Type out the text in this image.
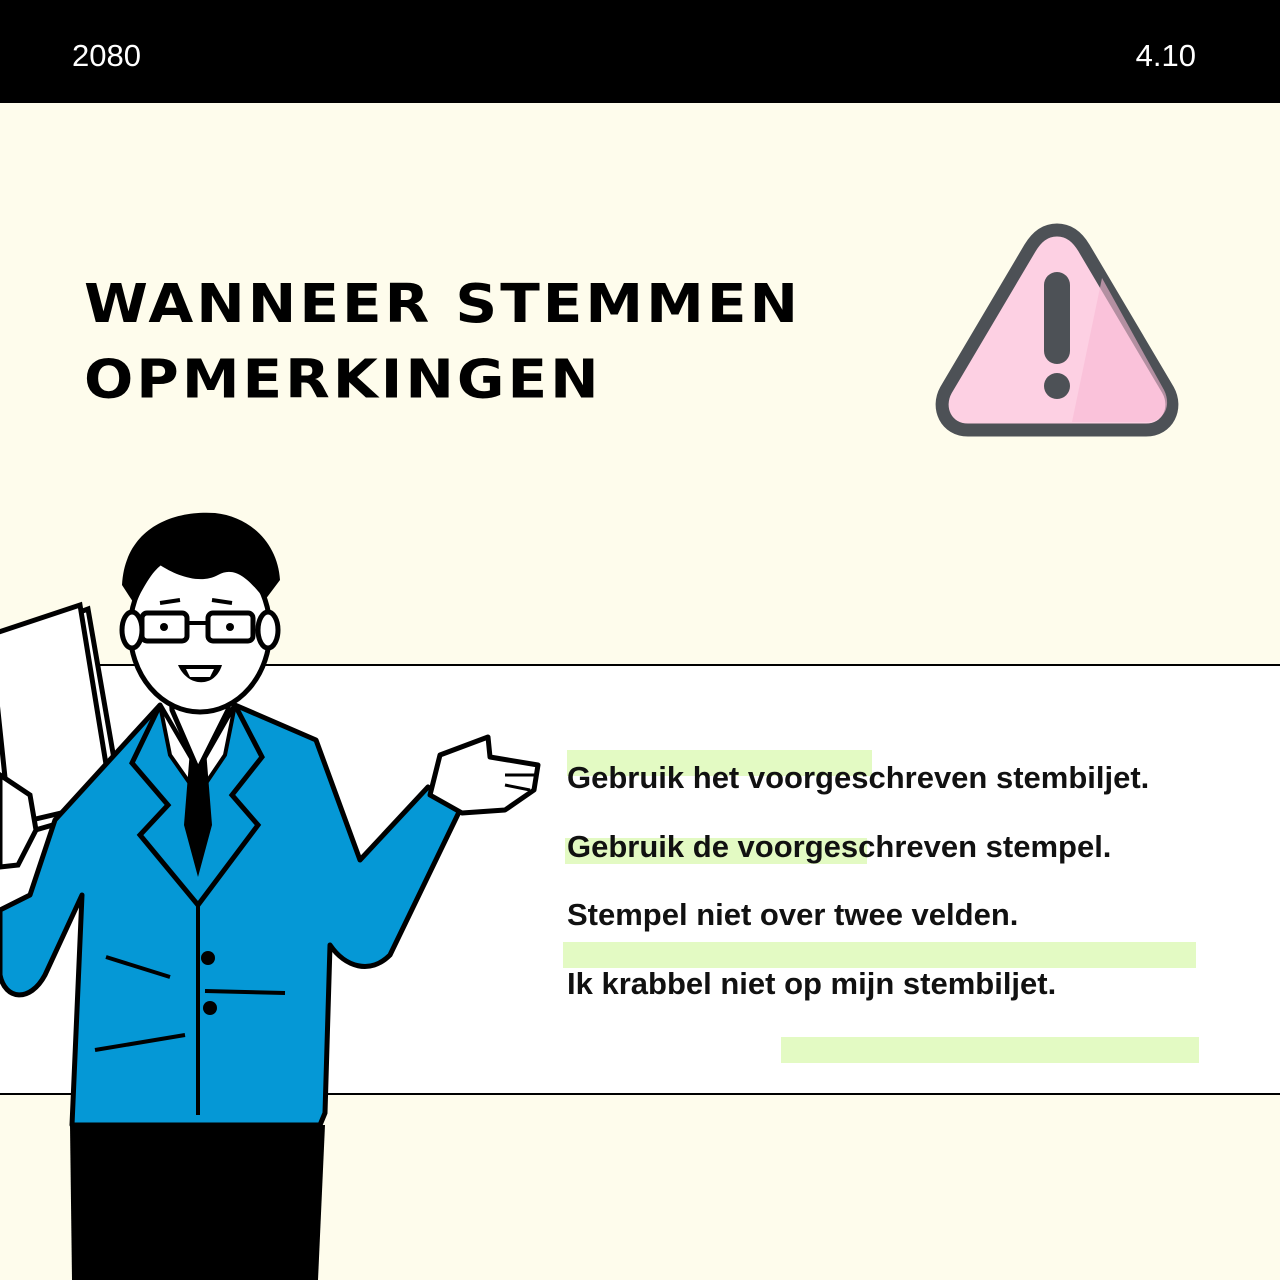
2080	4.10
WANNEER STEMMEN
OPMERKINGEN
Gebruik het voorgeschreven stembiljet.
Gebruik de voorgeschreven stempel.
Stempel niet over twee velden.
Ik krabbel niet op mijn stembiljet.
